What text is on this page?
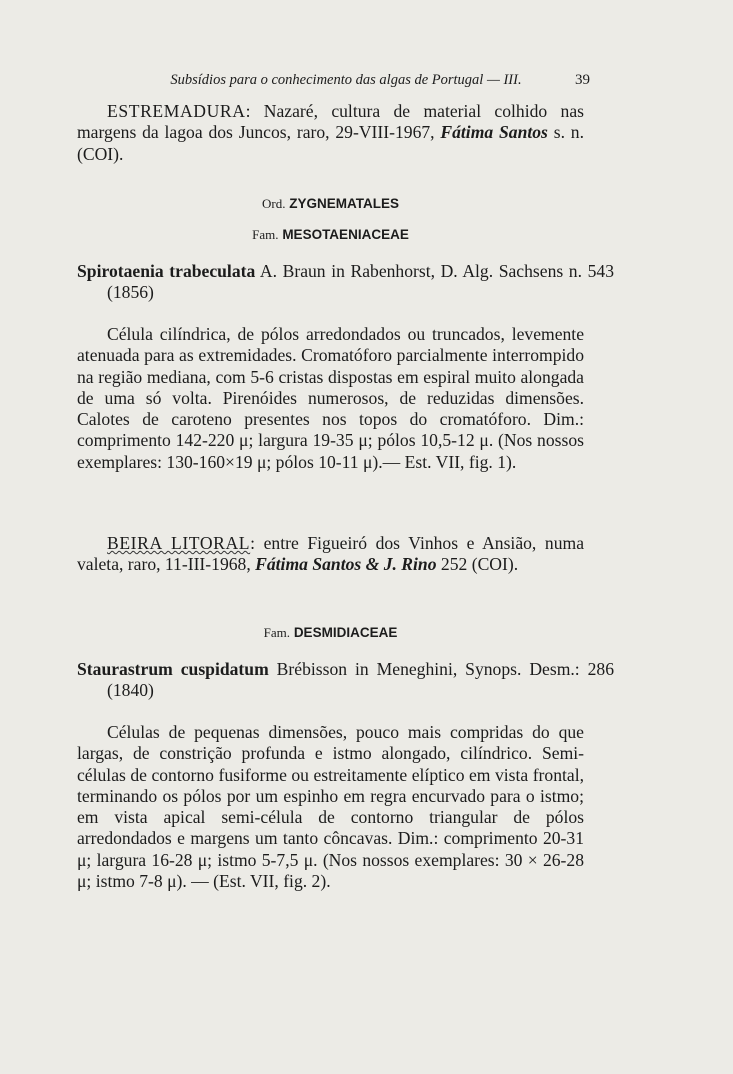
Subsídios para o conhecimento das algas de Portugal — III.	39

ESTREMADURA: Nazaré, cultura de material colhido nas margens da lagoa dos Juncos, raro, 29-VIII-1967, Fátima Santos s. n. (COI).

Ord. ZYGNEMATALES

Fam. MESOTAENIACEAE

Spirotaenia trabeculata A. Braun in Rabenhorst, D. Alg. Sachsens n. 543 (1856)

Célula cilíndrica, de pólos arredondados ou truncados, levemente atenuada para as extremidades. Cromatóforo parcialmente interrompido na região mediana, com 5-6 cristas dispostas em espiral muito alongada de uma só volta. Pirenóides numerosos, de reduzidas dimensões. Calotes de caroteno presentes nos topos do cromatóforo. Dim.: comprimento 142-220 μ; largura 19-35 μ; pólos 10,5-12 μ. (Nos nossos exemplares: 130-160×19 μ; pólos 10-11 μ).— Est. VII, fig. 1).

BEIRA LITORAL: entre Figueiró dos Vinhos e Ansião, numa valeta, raro, 11-III-1968, Fátima Santos & J. Rino 252 (COI).

Fam. DESMIDIACEAE

Staurastrum cuspidatum Brébisson in Meneghini, Synops. Desm.: 286 (1840)

Células de pequenas dimensões, pouco mais compridas do que largas, de constrição profunda e istmo alongado, cilíndrico. Semi-células de contorno fusiforme ou estreitamente elíptico em vista frontal, terminando os pólos por um espinho em regra encurvado para o istmo; em vista apical semi-célula de contorno triangular de pólos arredondados e margens um tanto côncavas. Dim.: comprimento 20-31 μ; largura 16-28 μ; istmo 5-7,5 μ. (Nos nossos exemplares: 30 × 26-28 μ; istmo 7-8 μ). — (Est. VII, fig. 2).
